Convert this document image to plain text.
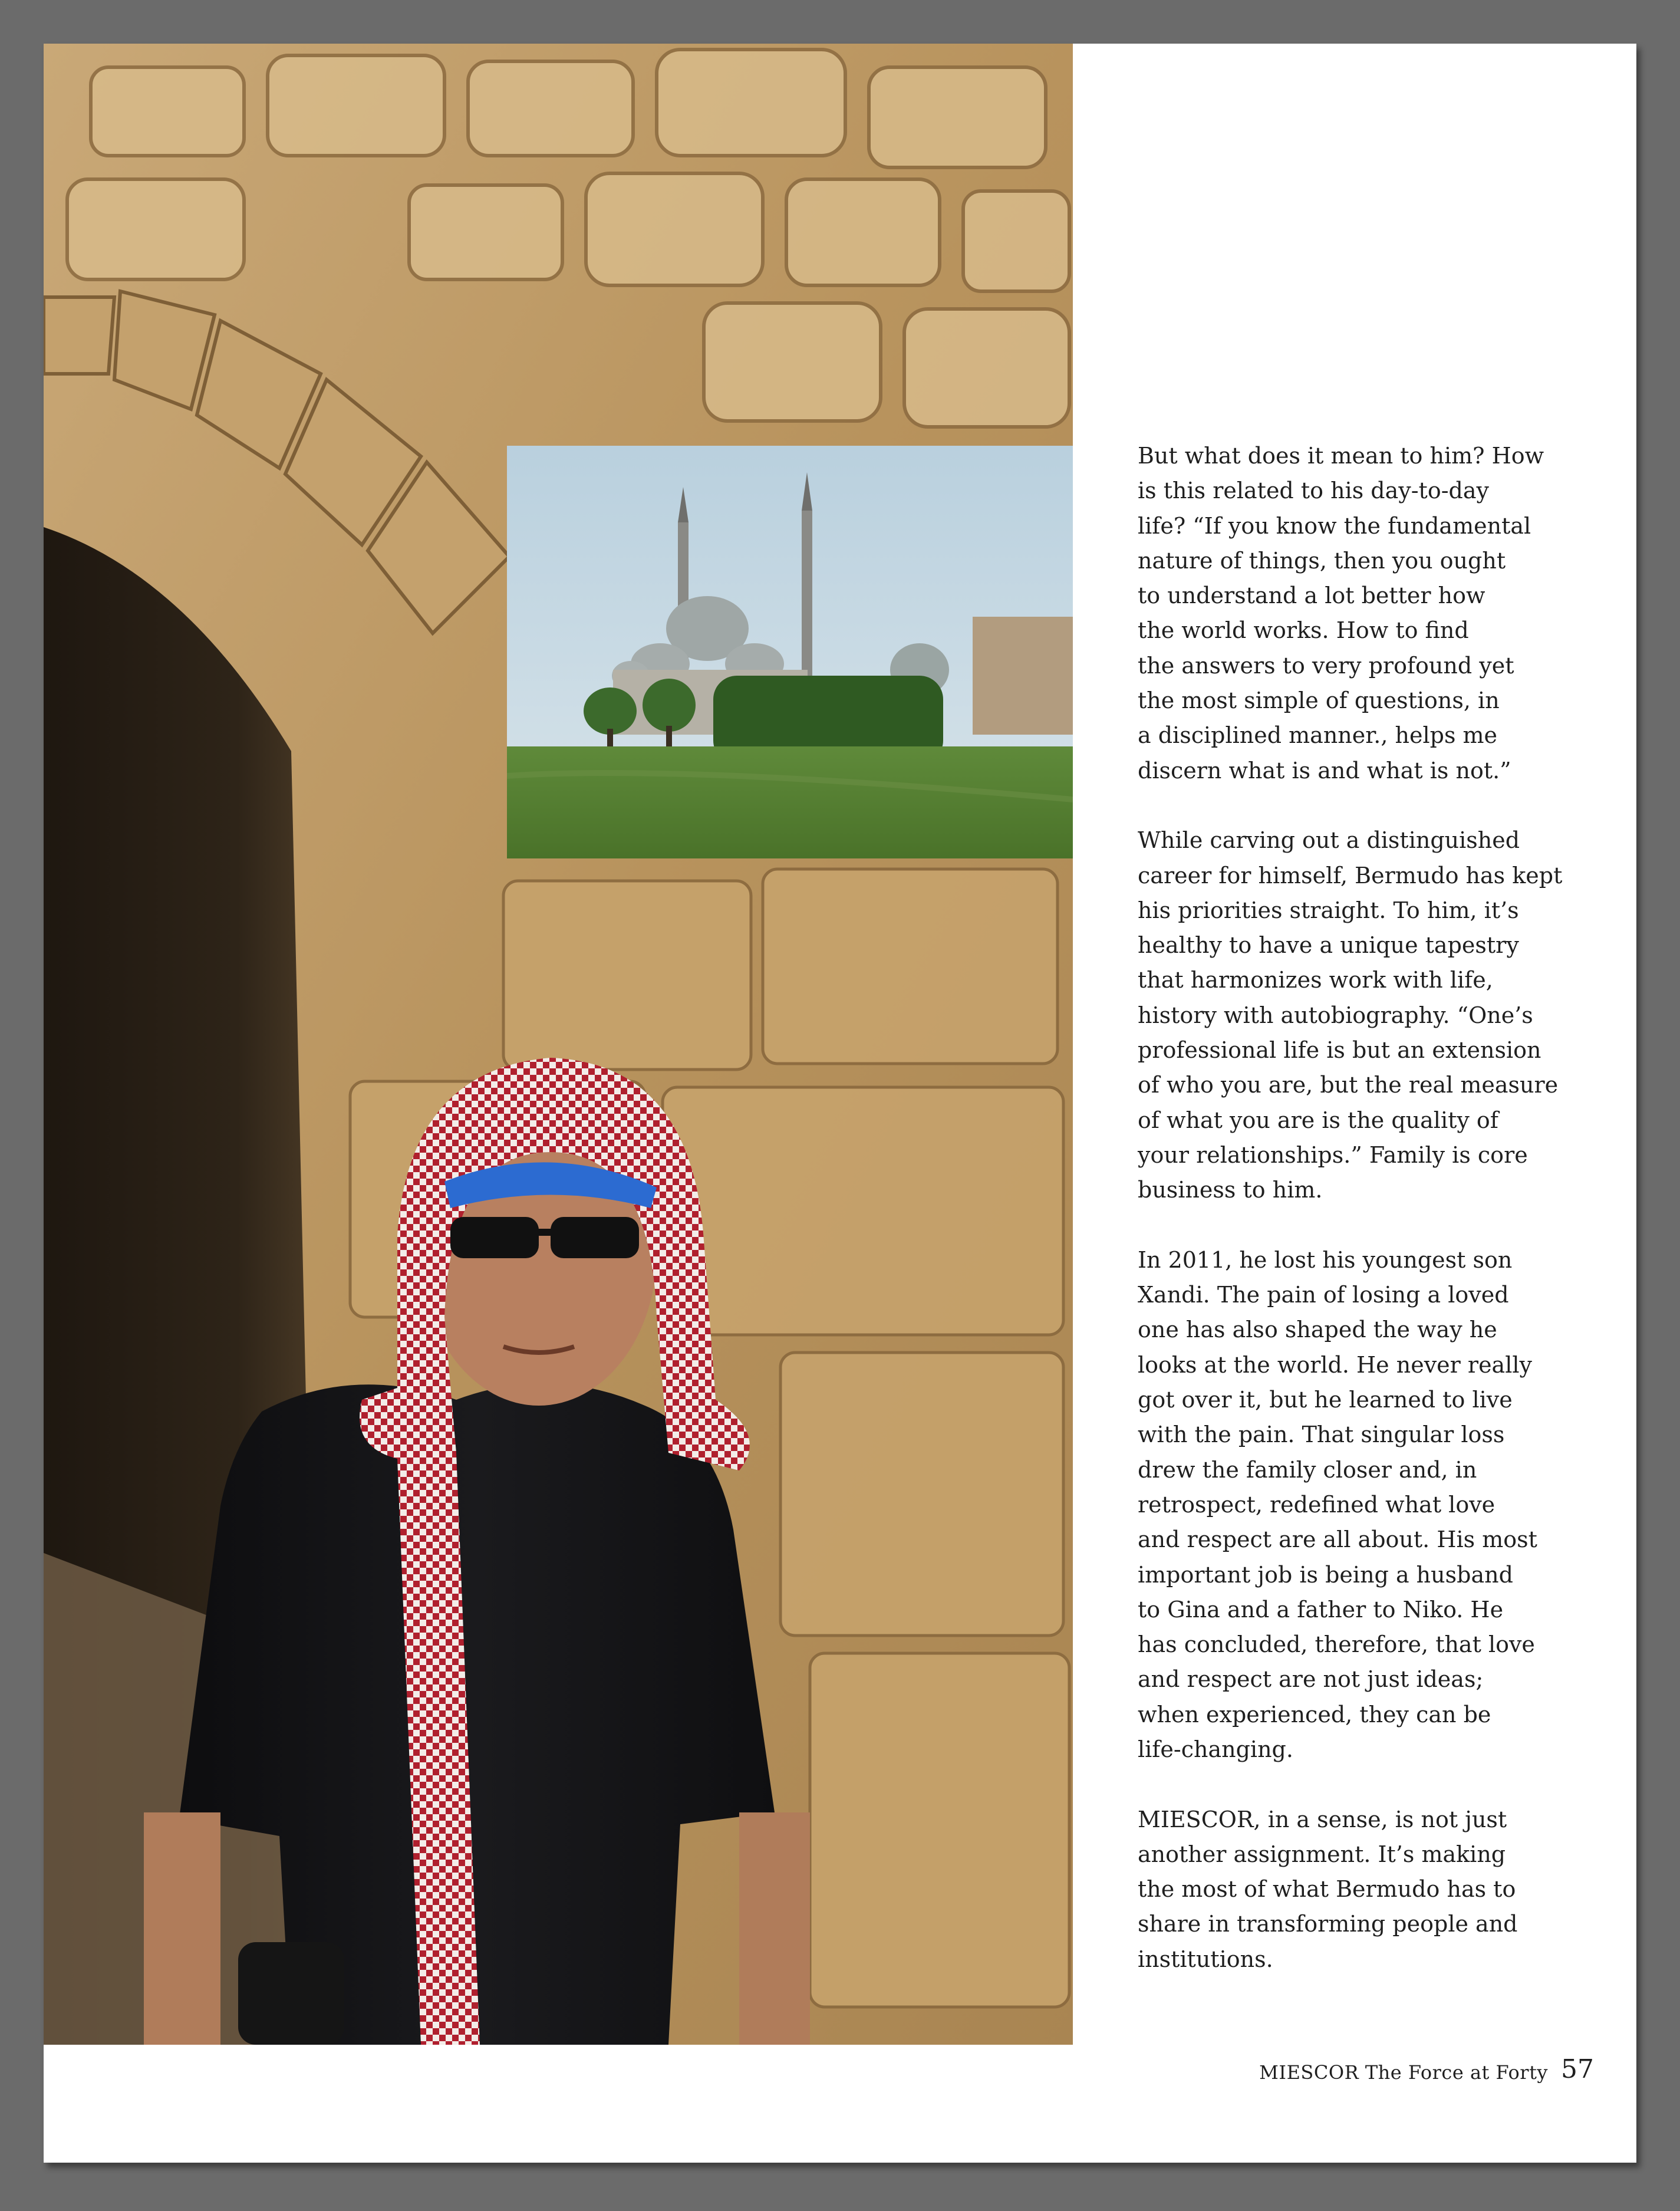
But what does it mean to him? How
is this related to his day-to-day
life? “If you know the fundamental
nature of things, then you ought
to understand a lot better how
the world works. How to find
the answers to very profound yet
the most simple of questions, in
a disciplined manner., helps me
discern what is and what is not.”
While carving out a distinguished
career for himself, Bermudo has kept
his priorities straight. To him, it’s
healthy to have a unique tapestry
that harmonizes work with life,
history with autobiography. “One’s
professional life is but an extension
of who you are, but the real measure
of what you are is the quality of
your relationships.” Family is core
business to him.
In 2011, he lost his youngest son
Xandi. The pain of losing a loved
one has also shaped the way he
looks at the world. He never really
got over it, but he learned to live
with the pain. That singular loss
drew the family closer and, in
retrospect, redefined what love
and respect are all about. His most
important job is being a husband
to Gina and a father to Niko. He
has concluded, therefore, that love
and respect are not just ideas;
when experienced, they can be
life-changing.
MIESCOR, in a sense, is not just
another assignment. It’s making
the most of what Bermudo has to
share in transforming people and
institutions.
MIESCOR The Force at Forty 57
